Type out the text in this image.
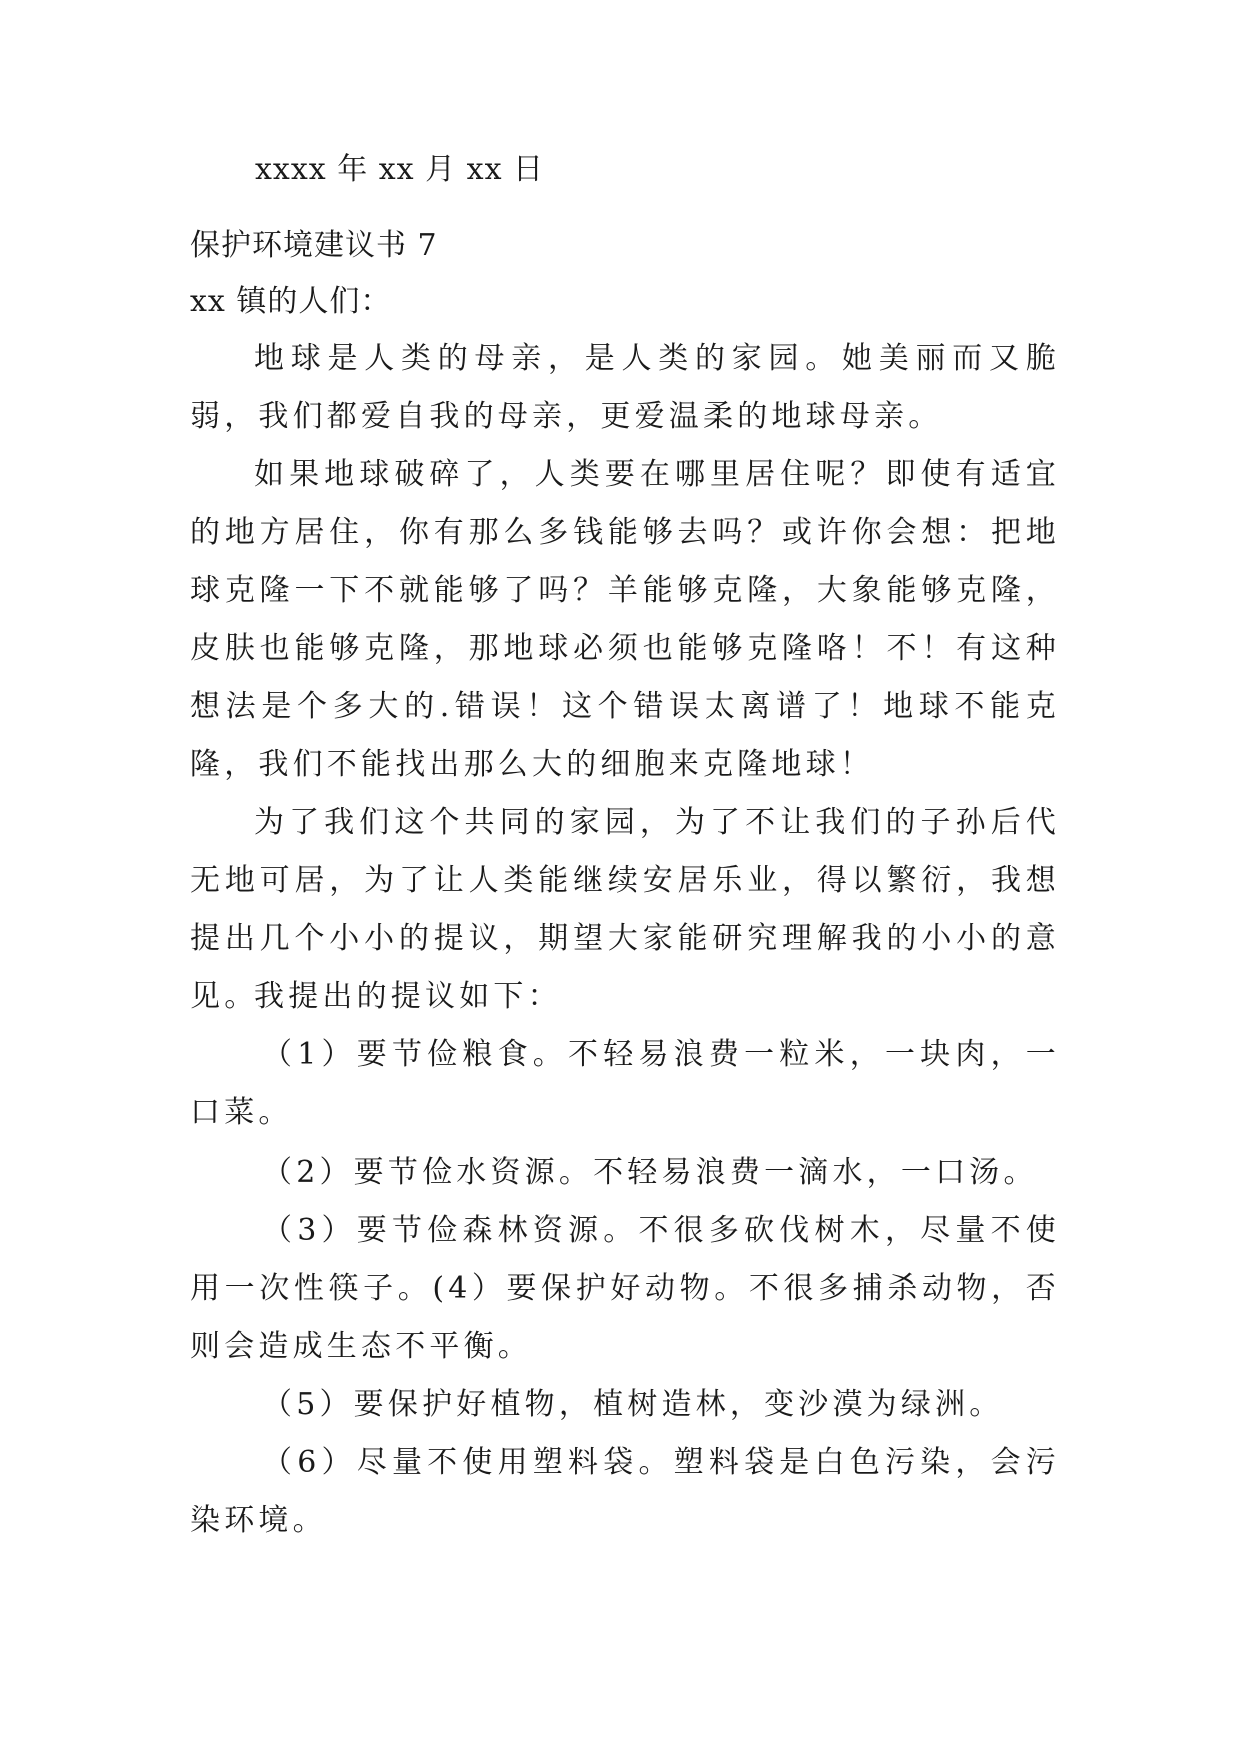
xxxx 年 xx 月 xx 日
保护环境建议书 7
xx 镇的人们：

地球是人类的母亲，是人类的家园。她美丽而又脆弱，我们都爱自我的母亲，更爱温柔的地球母亲。

如果地球破碎了，人类要在哪里居住呢？即使有适宜的地方居住，你有那么多钱能够去吗？或许你会想：把地球克隆一下不就能够了吗？羊能够克隆，大象能够克隆，皮肤也能够克隆，那地球必须也能够克隆咯！不！有这种想法是个多大的.错误！这个错误太离谱了！地球不能克隆，我们不能找出那么大的细胞来克隆地球！

为了我们这个共同的家园，为了不让我们的子孙后代无地可居，为了让人类能继续安居乐业，得以繁衍，我想提出几个小小的提议，期望大家能研究理解我的小小的意见。

我提出的提议如下：

（1）要节俭粮食。不轻易浪费一粒米，一块肉，一口菜。

（2）要节俭水资源。不轻易浪费一滴水，一口汤。

（3）要节俭森林资源。不很多砍伐树木，尽量不使用一次性筷子。(4）要保护好动物。不很多捕杀动物，否则会造成生态不平衡。

（5）要保护好植物，植树造林，变沙漠为绿洲。

（6）尽量不使用塑料袋。塑料袋是白色污染，会污染环境。
